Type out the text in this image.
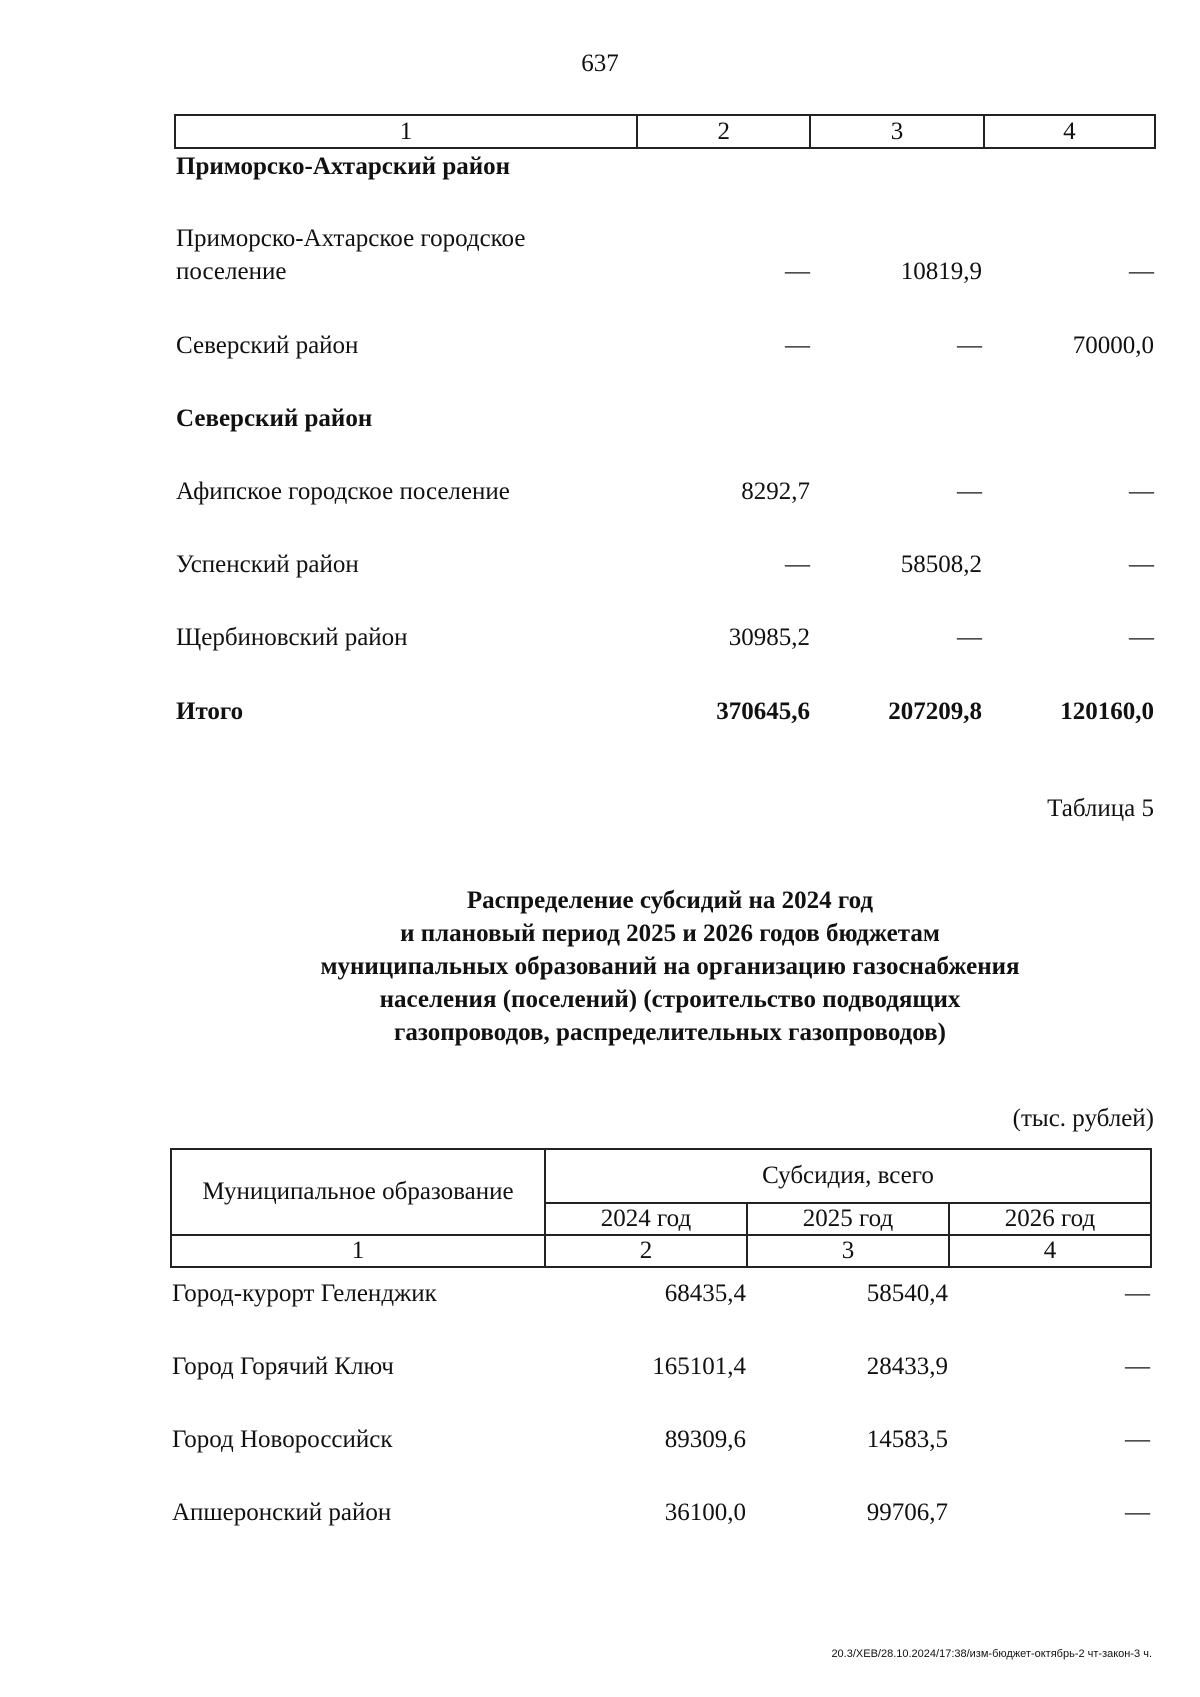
637
1	2	3	4
Приморско-Ахтарский район
Приморско-Ахтарское городское
поселение	—	10819,9	—
Северский район	—	—	70000,0
Северский район
Афипское городское поселение	8292,7	—	—
Успенский район	—	58508,2	—
Щербиновский район	30985,2	—	—
Итого	370645,6	207209,8	120160,0
Таблица 5
Распределение субсидий на 2024 год
и плановый период 2025 и 2026 годов бюджетам
муниципальных образований на организацию газоснабжения
населения (поселений) (строительство подводящих
газопроводов, распределительных газопроводов)
(тыс. рублей)
Муниципальное образование	Субсидия, всего		
	2024 год	2025 год	2026 год
1	2	3	4
Город-курорт Геленджик	68435,4	58540,4	—
Город Горячий Ключ	165101,4	28433,9	—
Город Новороссийск	89309,6	14583,5	—
Апшеронский район	36100,0	99706,7	—
20.3/ХЕВ/28.10.2024/17:38/изм-бюджет-октябрь-2 чт-закон-3 ч.
